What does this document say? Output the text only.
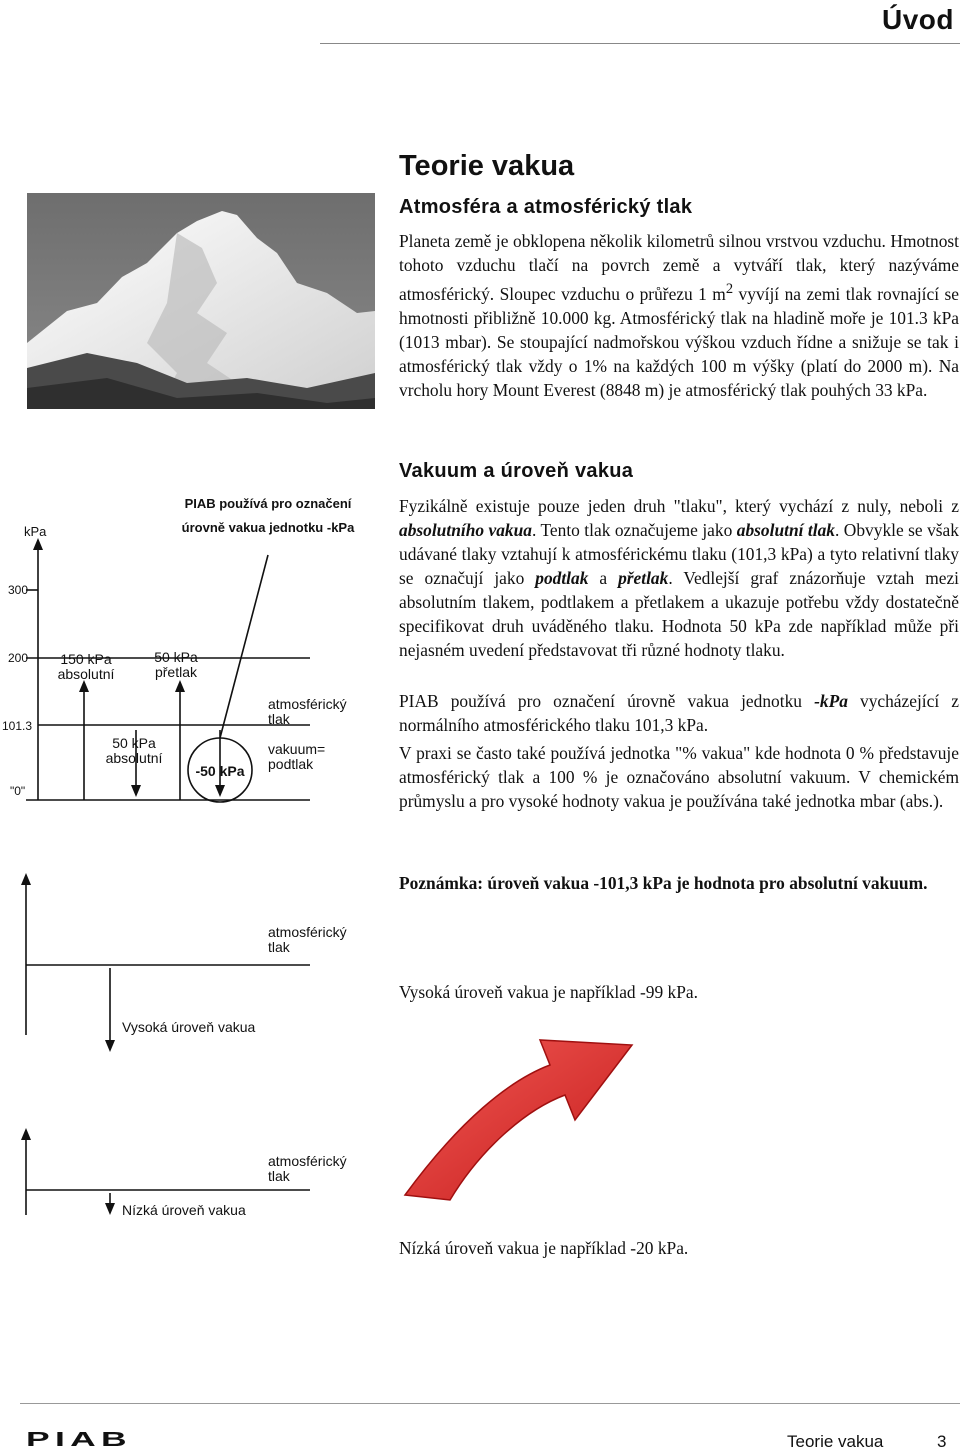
Úvod
Teorie vakua
Atmosféra a atmosférický tlak

Planeta země je obklopena několik kilometrů silnou vrstvou vzduchu. Hmotnost tohoto vzduchu tlačí na povrch země a vytváří tlak, který nazýváme atmosférický. Sloupec vzduchu o průřezu 1 $m^2$ vyvíjí na zemi tlak rovnající se hmotnosti přibližně 10.000 kg. Atmosférický tlak na hladině moře je 101.3 kPa (1013 mbar). Se stoupající nadmořskou výškou vzduch řídne a snižuje se tak i atmosférický tlak vždy o 1% na každých 100 m výšky (platí do 2000 m). Na vrcholu hory Mount Everest (8848 m) je atmosférický tlak pouhých 33 kPa.

Vakuum a úroveň vakua

Fyzikálně existuje pouze jeden druh "tlaku", který vychází z nuly, neboli z absolutního vakua. Tento tlak označujeme jako absolutní tlak. Obvykle se však udávané tlaky vztahují k atmosférickému tlaku (101,3 kPa) a tyto relativní tlaky se označují jako podtlak a přetlak. Vedlejší graf znázorňuje vztah mezi absolutním tlakem, podtlakem a přetlakem a ukazuje potřebu vždy dostatečně specifikovat druh uváděného tlaku. Hodnota 50 kPa zde například může při nejasném uvedení představovat tři různé hodnoty tlaku.

PIAB používá pro označení úrovně vakua jednotku -kPa vycházející z normálního atmosférického tlaku 101,3 kPa.

V praxi se často také používá jednotka "% vakua" kde hodnota 0 % představuje atmosférický tlak a 100 % je označováno absolutní vakuum. V chemickém průmyslu a pro vysoké hodnoty vakua je používána také jednotka mbar (abs.).

Poznámka: úroveň vakua -101,3 kPa je hodnota pro absolutní vakuum.

Vysoká úroveň vakua je například -99 kPa.

Nízká úroveň vakua je například -20 kPa.

kPa
PIAB používá pro označení
úrovně vakua jednotku -kPa
300
200
101.3
"0"
150 kPa
absolutní
50 kPa
přetlak
50 kPa
absolutní
-50 kPa
atmosférický
tlak
vakuum=
podtlak
atmosférický
tlak
Vysoká úroveň vakua
atmosférický
tlak
Nízká úroveň vakua
PIAB	Teorie vakua	3
